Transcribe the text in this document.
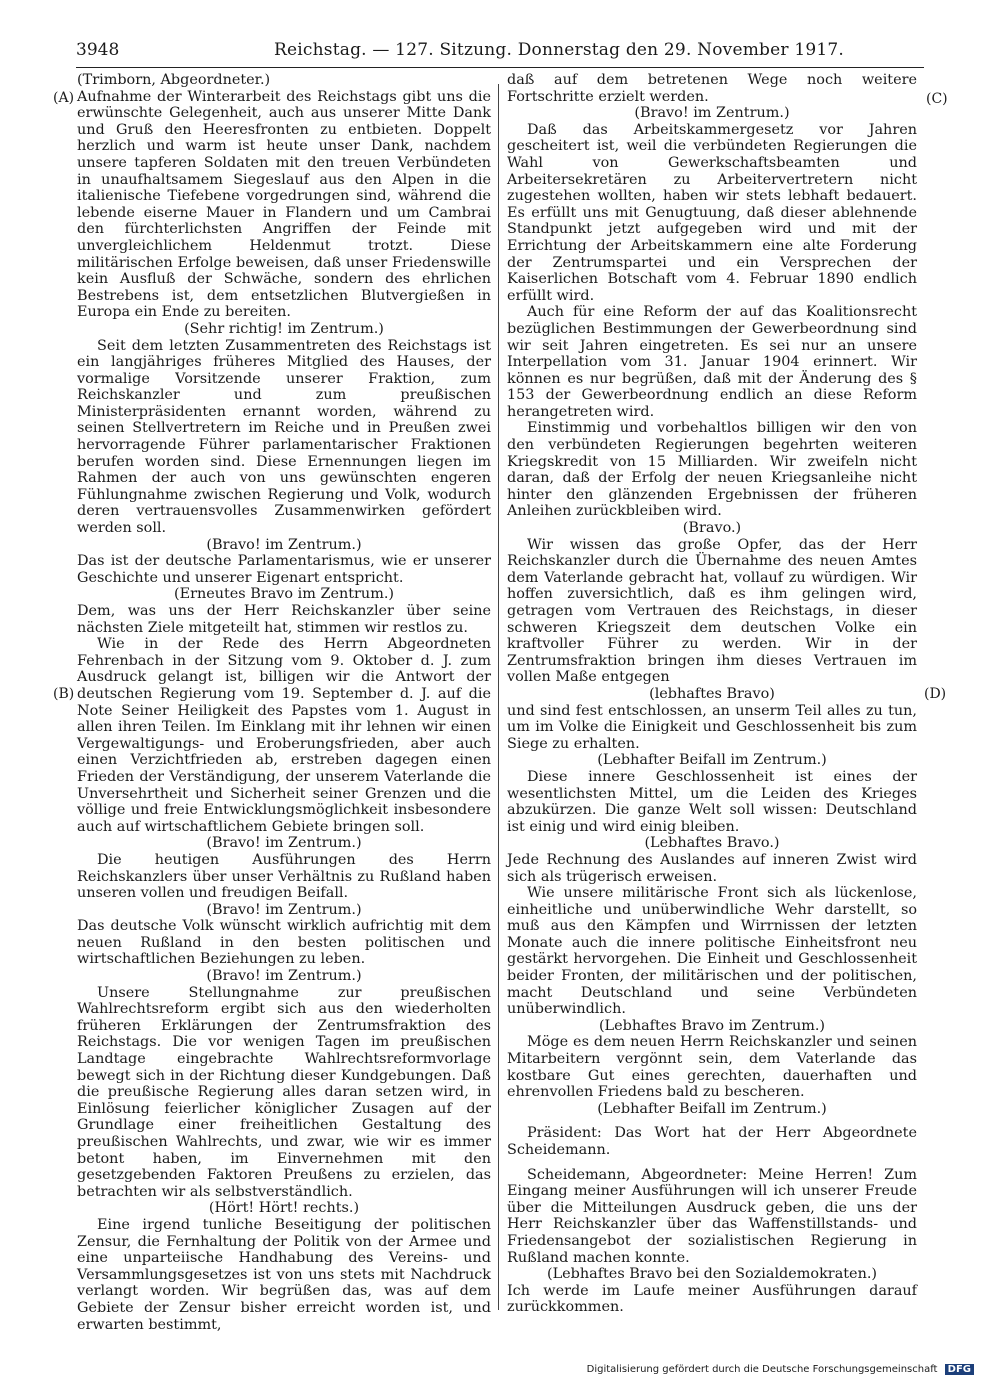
3948	Reichstag. — 127. Sitzung. Donnerstag den 29. November 1917.
(A)
(B)
(C)
(D)

(Trimborn, Abgeordneter.)

Aufnahme der Winterarbeit des Reichstags gibt uns die erwünschte Gelegenheit, auch aus unserer Mitte Dank und Gruß den Heeresfronten zu entbieten. Doppelt herzlich und warm ist heute unser Dank, nachdem unsere tapferen Soldaten mit den treuen Verbündeten in unaufhaltsamem Siegeslauf aus den Alpen in die italienische Tiefebene vorgedrungen sind, während die lebende eiserne Mauer in Flandern und um Cambrai den fürchterlichsten Angriffen der Feinde mit unvergleichlichem Heldenmut trotzt. Diese militärischen Erfolge beweisen, daß unser Friedenswille kein Ausfluß der Schwäche, sondern des ehrlichen Bestrebens ist, dem entsetzlichen Blutvergießen in Europa ein Ende zu bereiten.

(Sehr richtig! im Zentrum.)

Seit dem letzten Zusammentreten des Reichstags ist ein langjähriges früheres Mitglied des Hauses, der vormalige Vorsitzende unserer Fraktion, zum Reichskanzler und zum preußischen Ministerpräsidenten ernannt worden, während zu seinen Stellvertretern im Reiche und in Preußen zwei hervorragende Führer parlamentarischer Fraktionen berufen worden sind. Diese Ernennungen liegen im Rahmen der auch von uns gewünschten engeren Fühlungnahme zwischen Regierung und Volk, wodurch deren vertrauensvolles Zusammenwirken gefördert werden soll.

(Bravo! im Zentrum.)

Das ist der deutsche Parlamentarismus, wie er unserer Geschichte und unserer Eigenart entspricht.

(Erneutes Bravo im Zentrum.)

Dem, was uns der Herr Reichskanzler über seine nächsten Ziele mitgeteilt hat, stimmen wir restlos zu.

Wie in der Rede des Herrn Abgeordneten Fehrenbach in der Sitzung vom 9. Oktober d. J. zum Ausdruck gelangt ist, billigen wir die Antwort der deutschen Regierung vom 19. September d. J. auf die Note Seiner Heiligkeit des Papstes vom 1. August in allen ihren Teilen. Im Einklang mit ihr lehnen wir einen Vergewaltigungs- und Eroberungsfrieden, aber auch einen Verzichtfrieden ab, erstreben dagegen einen Frieden der Verständigung, der unserem Vaterlande die Unversehrtheit und Sicherheit seiner Grenzen und die völlige und freie Entwicklungsmöglichkeit insbesondere auch auf wirtschaftlichem Gebiete bringen soll.

(Bravo! im Zentrum.)

Die heutigen Ausführungen des Herrn Reichskanzlers über unser Verhältnis zu Rußland haben unseren vollen und freudigen Beifall.

(Bravo! im Zentrum.)

Das deutsche Volk wünscht wirklich aufrichtig mit dem neuen Rußland in den besten politischen und wirtschaftlichen Beziehungen zu leben.

(Bravo! im Zentrum.)

Unsere Stellungnahme zur preußischen Wahlrechtsreform ergibt sich aus den wiederholten früheren Erklärungen der Zentrumsfraktion des Reichstags. Die vor wenigen Tagen im preußischen Landtage eingebrachte Wahlrechtsreformvorlage bewegt sich in der Richtung dieser Kundgebungen. Daß die preußische Regierung alles daran setzen wird, in Einlösung feierlicher königlicher Zusagen auf der Grundlage einer freiheitlichen Gestaltung des preußischen Wahlrechts, und zwar, wie wir es immer betont haben, im Einvernehmen mit den gesetzgebenden Faktoren Preußens zu erzielen, das betrachten wir als selbstverständlich.

(Hört! Hört! rechts.)

Eine irgend tunliche Beseitigung der politischen Zensur, die Fernhaltung der Politik von der Armee und eine unparteiische Handhabung des Vereins- und Versammlungsgesetzes ist von uns stets mit Nachdruck verlangt worden. Wir begrüßen das, was auf dem Gebiete der Zensur bisher erreicht worden ist, und erwarten bestimmt,

daß auf dem betretenen Wege noch weitere Fortschritte erzielt werden.

(Bravo! im Zentrum.)

Daß das Arbeitskammergesetz vor Jahren gescheitert ist, weil die verbündeten Regierungen die Wahl von Gewerkschaftsbeamten und Arbeitersekretären zu Arbeitervertretern nicht zugestehen wollten, haben wir stets lebhaft bedauert. Es erfüllt uns mit Genugtuung, daß dieser ablehnende Standpunkt jetzt aufgegeben wird und mit der Errichtung der Arbeitskammern eine alte Forderung der Zentrumspartei und ein Versprechen der Kaiserlichen Botschaft vom 4. Februar 1890 endlich erfüllt wird.

Auch für eine Reform der auf das Koalitionsrecht bezüglichen Bestimmungen der Gewerbeordnung sind wir seit Jahren eingetreten. Es sei nur an unsere Interpellation vom 31. Januar 1904 erinnert. Wir können es nur begrüßen, daß mit der Änderung des § 153 der Gewerbeordnung endlich an diese Reform herangetreten wird.

Einstimmig und vorbehaltlos billigen wir den von den verbündeten Regierungen begehrten weiteren Kriegskredit von 15 Milliarden. Wir zweifeln nicht daran, daß der Erfolg der neuen Kriegsanleihe nicht hinter den glänzenden Ergebnissen der früheren Anleihen zurückbleiben wird.

(Bravo.)

Wir wissen das große Opfer, das der Herr Reichskanzler durch die Übernahme des neuen Amtes dem Vaterlande gebracht hat, vollauf zu würdigen. Wir hoffen zuversichtlich, daß es ihm gelingen wird, getragen vom Vertrauen des Reichstags, in dieser schweren Kriegszeit dem deutschen Volke ein kraftvoller Führer zu werden. Wir in der Zentrumsfraktion bringen ihm dieses Vertrauen im vollen Maße entgegen

(lebhaftes Bravo)

und sind fest entschlossen, an unserm Teil alles zu tun, um im Volke die Einigkeit und Geschlossenheit bis zum Siege zu erhalten.

(Lebhafter Beifall im Zentrum.)

Diese innere Geschlossenheit ist eines der wesentlichsten Mittel, um die Leiden des Krieges abzukürzen. Die ganze Welt soll wissen: Deutschland ist einig und wird einig bleiben.

(Lebhaftes Bravo.)

Jede Rechnung des Auslandes auf inneren Zwist wird sich als trügerisch erweisen.

Wie unsere militärische Front sich als lückenlose, einheitliche und unüberwindliche Wehr darstellt, so muß aus den Kämpfen und Wirrnissen der letzten Monate auch die innere politische Einheitsfront neu gestärkt hervorgehen. Die Einheit und Geschlossenheit beider Fronten, der militärischen und der politischen, macht Deutschland und seine Verbündeten unüberwindlich.

(Lebhaftes Bravo im Zentrum.)

Möge es dem neuen Herrn Reichskanzler und seinen Mitarbeitern vergönnt sein, dem Vaterlande das kostbare Gut eines gerechten, dauerhaften und ehrenvollen Friedens bald zu bescheren.

(Lebhafter Beifall im Zentrum.)

Präsident: Das Wort hat der Herr Abgeordnete Scheidemann.

Scheidemann, Abgeordneter: Meine Herren! Zum Eingang meiner Ausführungen will ich unserer Freude über die Mitteilungen Ausdruck geben, die uns der Herr Reichskanzler über das Waffenstillstands- und Friedensangebot der sozialistischen Regierung in Rußland machen konnte.

(Lebhaftes Bravo bei den Sozialdemokraten.)

Ich werde im Laufe meiner Ausführungen darauf zurückkommen.

Digitalisierung gefördert durch die Deutsche Forschungsgemeinschaft DFG
